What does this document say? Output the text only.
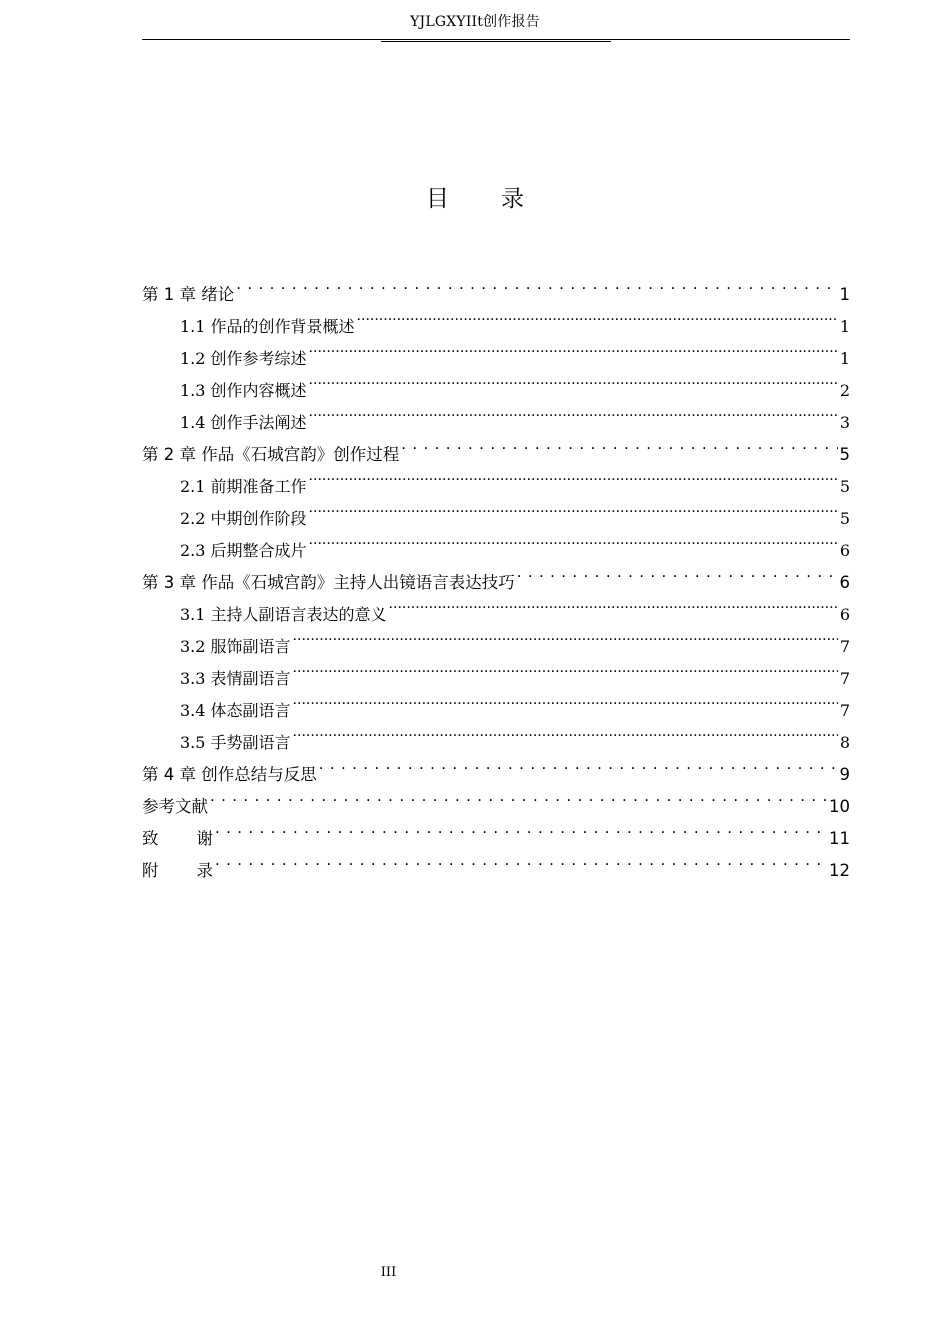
YJLGXYIIt创作报告
目录
第 1 章 绪论 . . .	1
1.1 作品的创作背景概述 .....	1
1.2 创作参考综述 .....	1
1.3 创作内容概述 .....	2
1.4 创作手法阐述 .....	3
第 2 章 作品《石城宫韵》创作过程 . . .	5
2.1 前期准备工作 .....	5
2.2 中期创作阶段 .....	5
2.3 后期整合成片 .....	6
第 3 章 作品《石城宫韵》主持人出镜语言表达技巧 . . .	6
3.1 主持人副语言表达的意义 .....	6
3.2 服饰副语言 .....	7
3.3 表情副语言 .....	7
3.4 体态副语言 .....	7
3.5 手势副语言 .....	8
第 4 章 创作总结与反思 . . .	9
参考文献 . . .	10
致 谢 . . .	11
附 录 . . .	12
III
